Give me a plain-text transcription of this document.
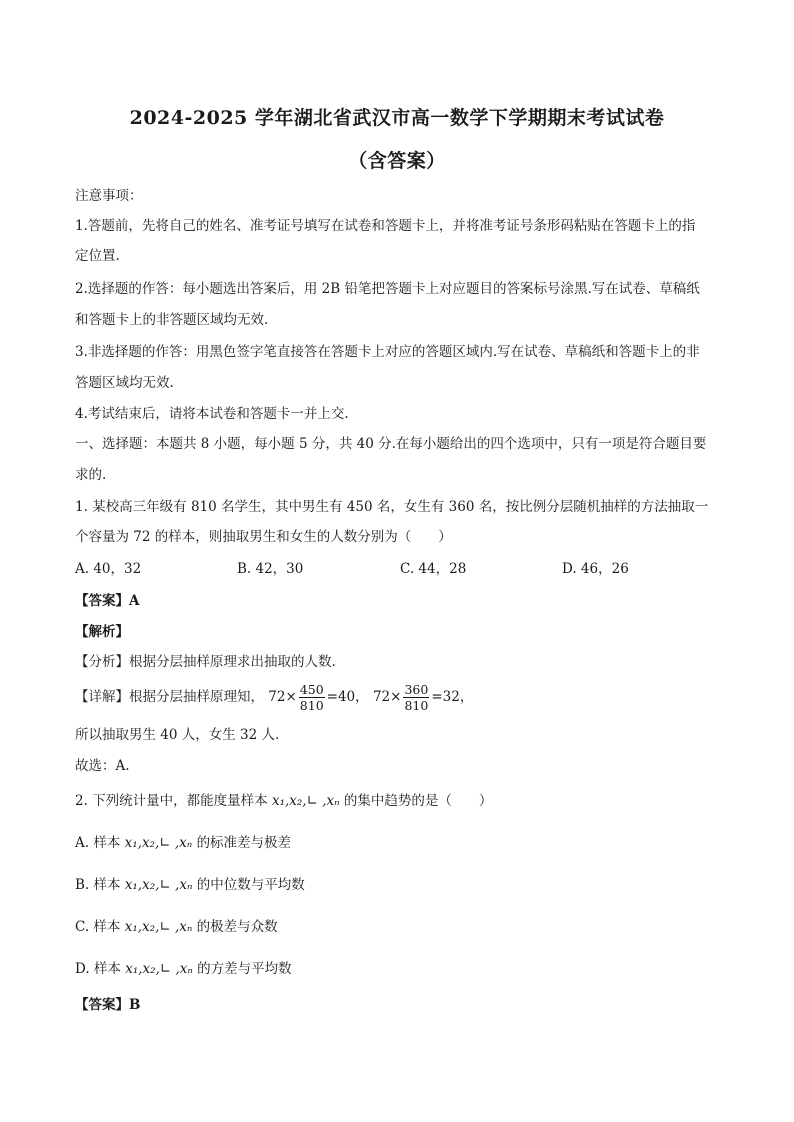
2024-2025 学年湖北省武汉市高一数学下学期期末考试试卷
（含答案）
注意事项：
1.答题前，先将自己的姓名、准考证号填写在试卷和答题卡上，并将准考证号条形码粘贴在答题卡上的指
定位置.
2.选择题的作答：每小题选出答案后，用 2B 铅笔把答题卡上对应题目的答案标号涂黑.写在试卷、草稿纸
和答题卡上的非答题区域均无效.
3.非选择题的作答：用黑色签字笔直接答在答题卡上对应的答题区域内.写在试卷、草稿纸和答题卡上的非
答题区域均无效.
4.考试结束后，请将本试卷和答题卡一并上交.
一、选择题：本题共 8 小题，每小题 5 分，共 40 分.在每小题给出的四个选项中，只有一项是符合题目要
求的.
1. 某校高三年级有 810 名学生，其中男生有 450 名，女生有 360 名，按比例分层随机抽样的方法抽取一
个容量为 72 的样本，则抽取男生和女生的人数分别为（　　）
A. 40，32	B. 42，30	C. 44，28	D. 46，26
【答案】A
【解析】
【分析】根据分层抽样原理求出抽取的人数.
【详解】根据分层抽样原理知， $72\times \frac{450}{810} =40$， $72\times \frac{360}{810} =32$，
所以抽取男生 40 人，女生 32 人.
故选：A.
2. 下列统计量中，都能度量样本 x₁,x₂,∟ ,xₙ 的集中趋势的是（　　）
A. 样本 x₁,x₂,∟ ,xₙ 的标准差与极差
B. 样本 x₁,x₂,∟ ,xₙ 的中位数与平均数
C. 样本 x₁,x₂,∟ ,xₙ 的极差与众数
D. 样本 x₁,x₂,∟ ,xₙ 的方差与平均数
【答案】B
